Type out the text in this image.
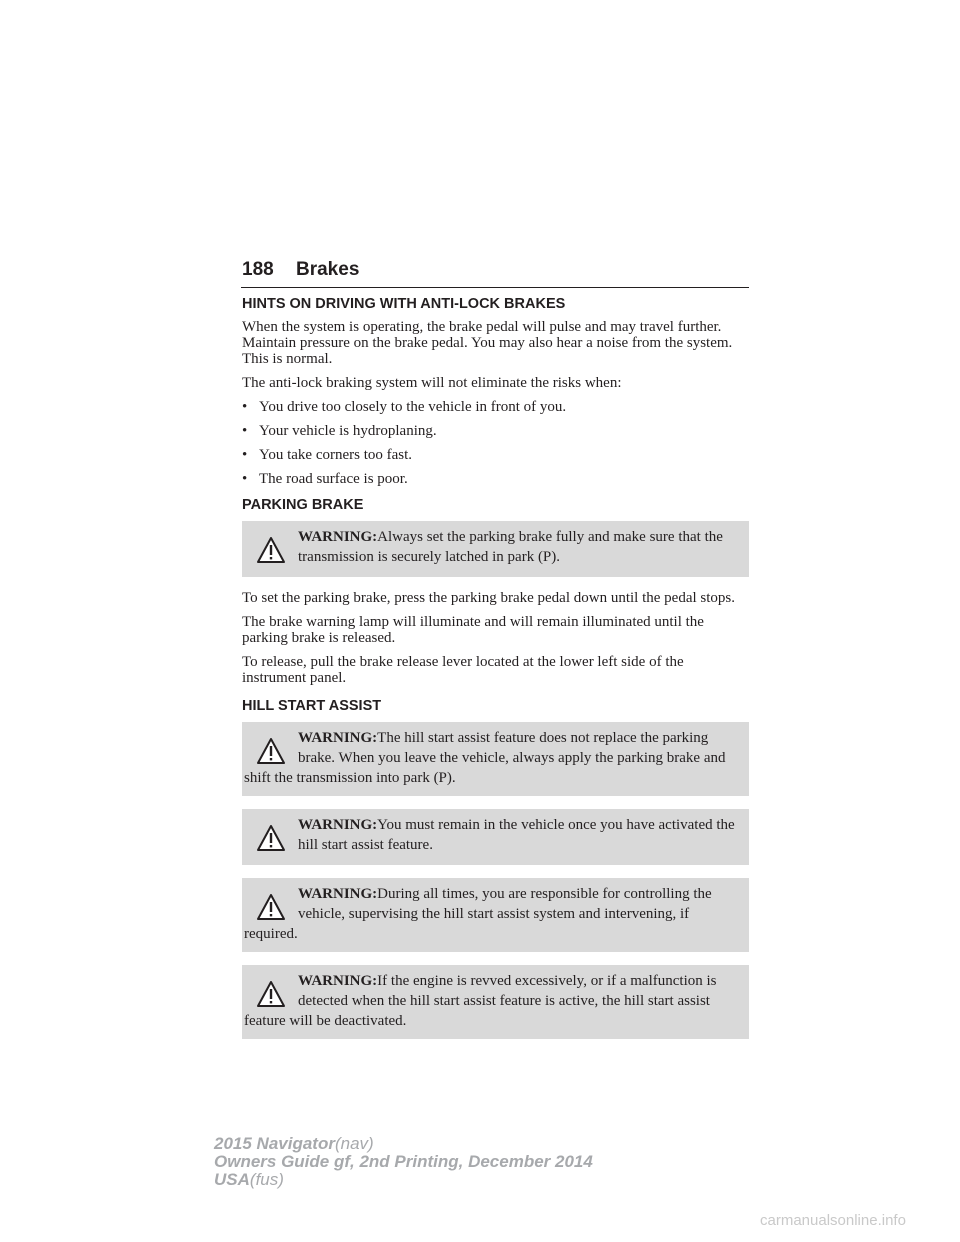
188 Brakes
HINTS ON DRIVING WITH ANTI-LOCK BRAKES

When the system is operating, the brake pedal will pulse and may travel further. Maintain pressure on the brake pedal. You may also hear a noise from the system. This is normal.

The anti-lock braking system will not eliminate the risks when:

• You drive too closely to the vehicle in front of you.
• Your vehicle is hydroplaning.
• You take corners too fast.
• The road surface is poor.
PARKING BRAKE
WARNING:Always set the parking brake fully and make sure that the transmission is securely latched in park (P).

To set the parking brake, press the parking brake pedal down until the pedal stops.

The brake warning lamp will illuminate and will remain illuminated until the parking brake is released.

To release, pull the brake release lever located at the lower left side of the instrument panel.

HILL START ASSIST
WARNING:The hill start assist feature does not replace the parking brake. When you leave the vehicle, always apply the parking brake and shift the transmission into park (P).
WARNING:You must remain in the vehicle once you have activated the hill start assist feature.
WARNING:During all times, you are responsible for controlling the vehicle, supervising the hill start assist system and intervening, if required.
WARNING:If the engine is revved excessively, or if a malfunction is detected when the hill start assist feature is active, the hill start assist feature will be deactivated.
2015 Navigator(nav)
Owners Guide gf, 2nd Printing, December 2014
USA(fus)
carmanualsonline.info
